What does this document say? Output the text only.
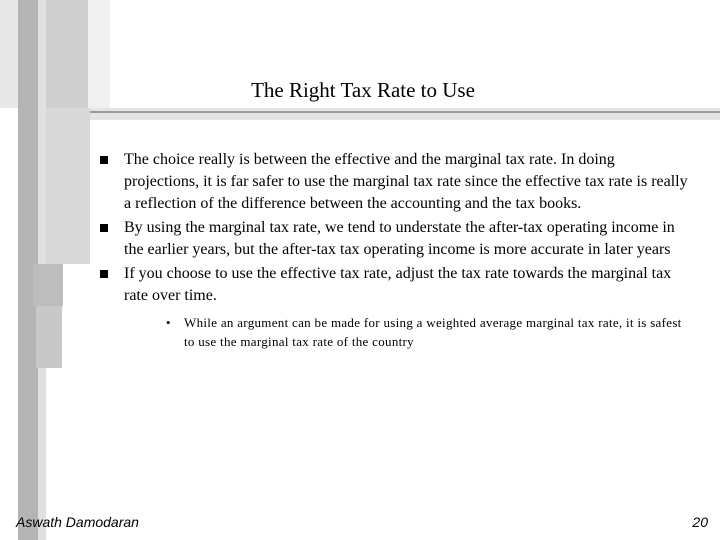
The Right Tax Rate to Use
The choice really is between the effective and the marginal tax rate. In doing projections, it is far safer to use the marginal tax rate since the effective tax rate is really a reflection of the difference between the accounting and the tax books.
By using the marginal tax rate, we tend to understate the after-tax operating income in the earlier years, but the after-tax tax operating income is more accurate in later years
If you choose to use the effective tax rate, adjust the tax rate towards the marginal tax rate over time.
• While an argument can be made for using a weighted average marginal tax rate, it is safest to use the marginal tax rate of the country
Aswath Damodaran	20
